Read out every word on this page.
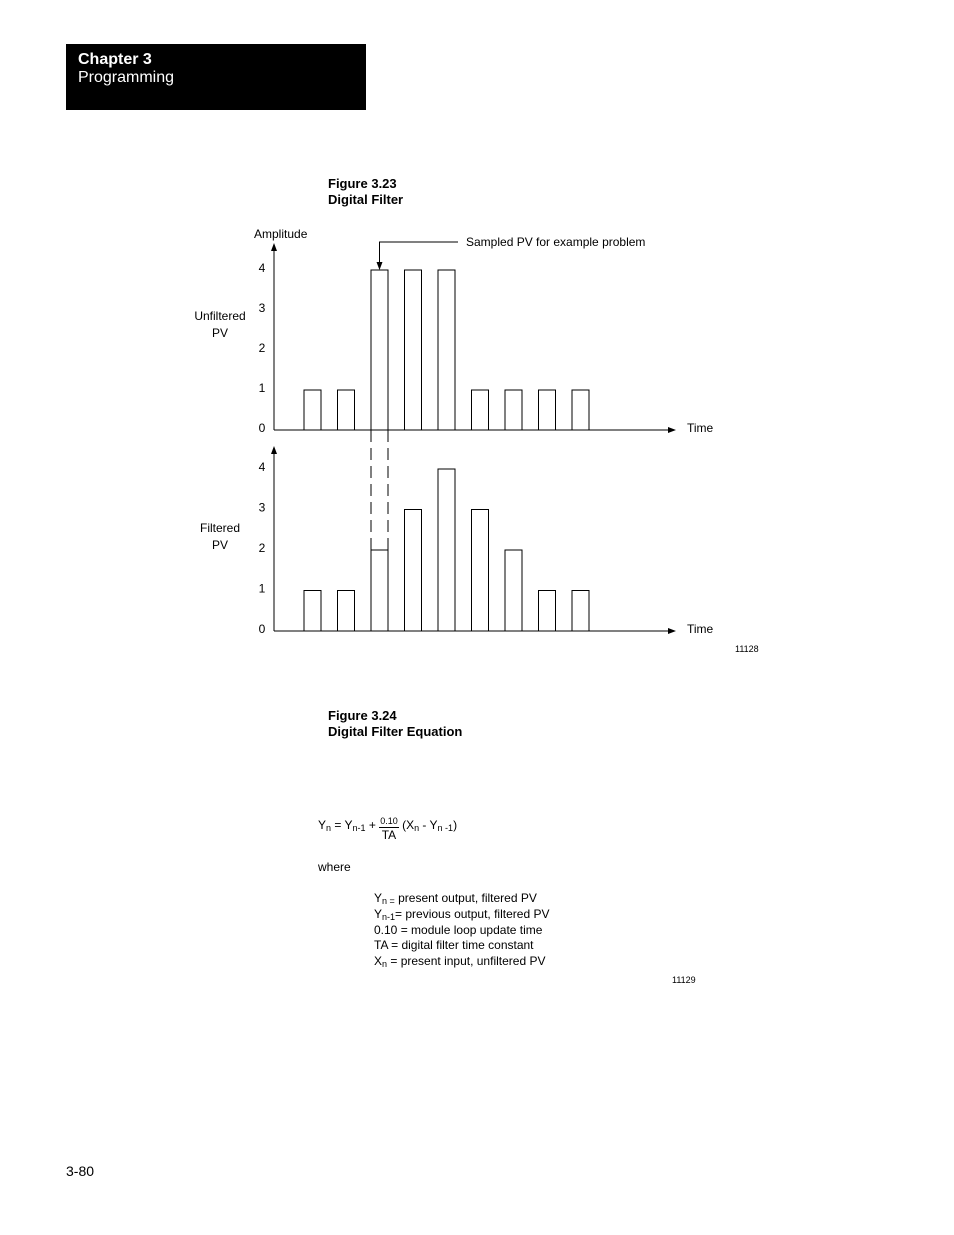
Chapter 3
Programming
Figure 3.23
Digital Filter
Amplitude
Time
0
1
2
3
4
Unfiltered
PV
Time
0
1
2
3
4
Filtered
PV
Sampled PV for example problem
11128
Figure 3.24
Digital Filter Equation
$Y_n = Y_{n-1} + \frac{0.10}{TA} (X_n - Y_{n -1})$
where
$Y_{n =}$ present output, filtered PV
$Y_{n-1}=$ previous output, filtered PV
0.10 = module loop update time
TA = digital filter time constant
$X_n$ = present input, unfiltered PV
11129
3-80
